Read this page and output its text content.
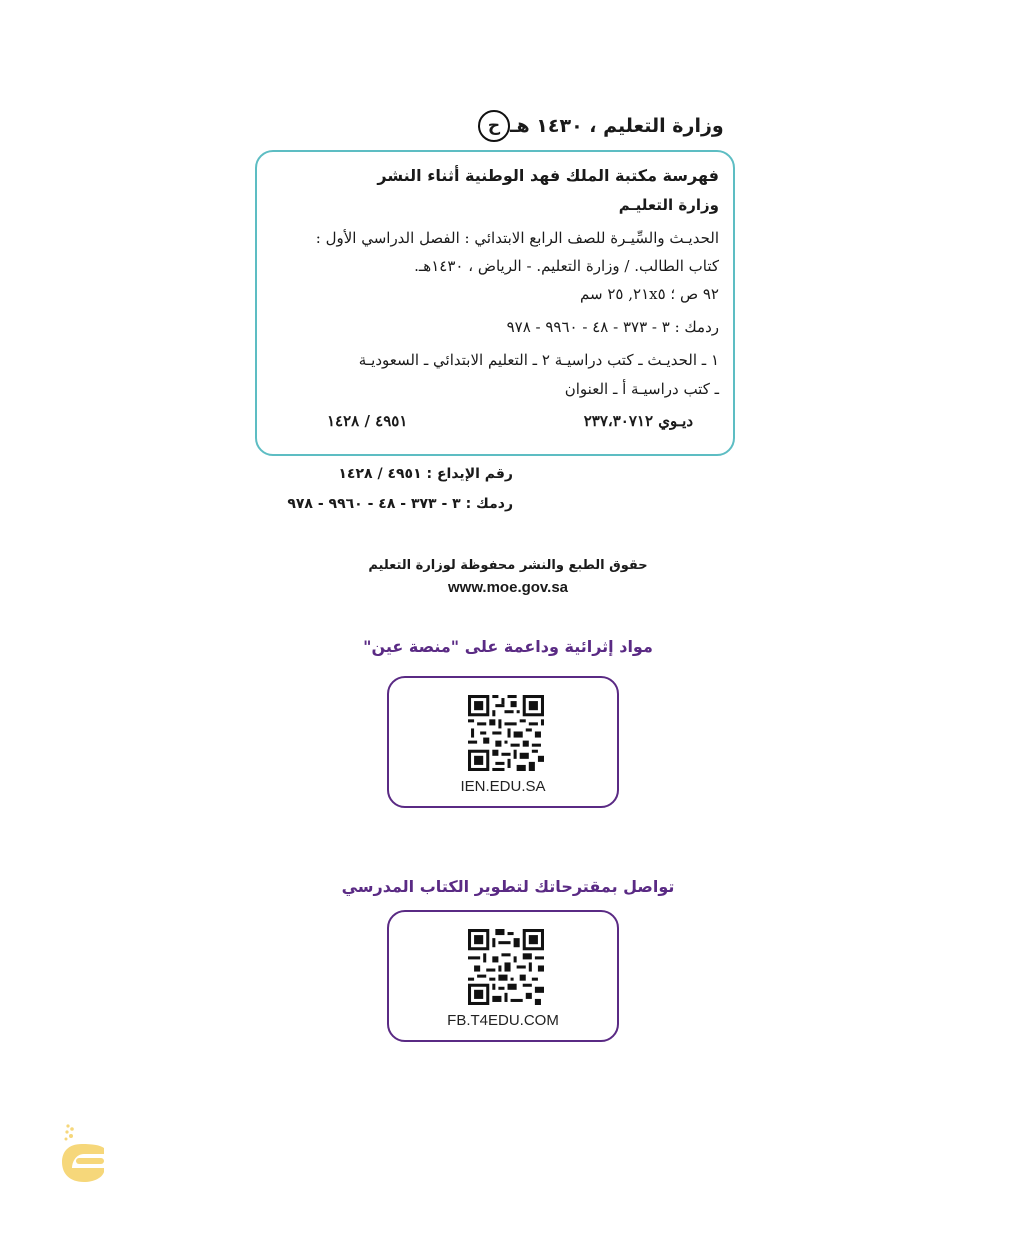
ح وزارة التعليم ، ١٤٣٠ هـ
فهرسة مكتبة الملك فهد الوطنية أثناء النشر
وزارة التعليـم
الحديـث والسِّيـرة للصف الرابع الابتدائي : الفصل الدراسي الأول :
كتاب الطالب. / وزارة التعليم. - الرياض ، ١٤٣٠هـ.
٩٢ ص ؛ ٢١x٥, ٢٥ سم
ردمك : ٣ - ٣٧٣ - ٤٨ - ٩٩٦٠ - ٩٧٨
١ ـ الحديـث ـ كتب دراسيـة ٢ ـ التعليم الابتدائي ـ السعوديـة
ـ كتب دراسيـة أ ـ العنوان
ديـوي ٢٣٧،٣٠٧١٢
٤٩٥١ / ١٤٢٨
رقم الإيداع : ٤٩٥١ / ١٤٢٨
ردمك : ٣ - ٣٧٣ - ٤٨ - ٩٩٦٠ - ٩٧٨
حقوق الطبع والنشر محفوظة لوزارة التعليم
www.moe.gov.sa
مواد إثرائية وداعمة على "منصة عين"
IEN.EDU.SA
تواصل بمقترحاتك لتطوير الكتاب المدرسي
FB.T4EDU.COM
